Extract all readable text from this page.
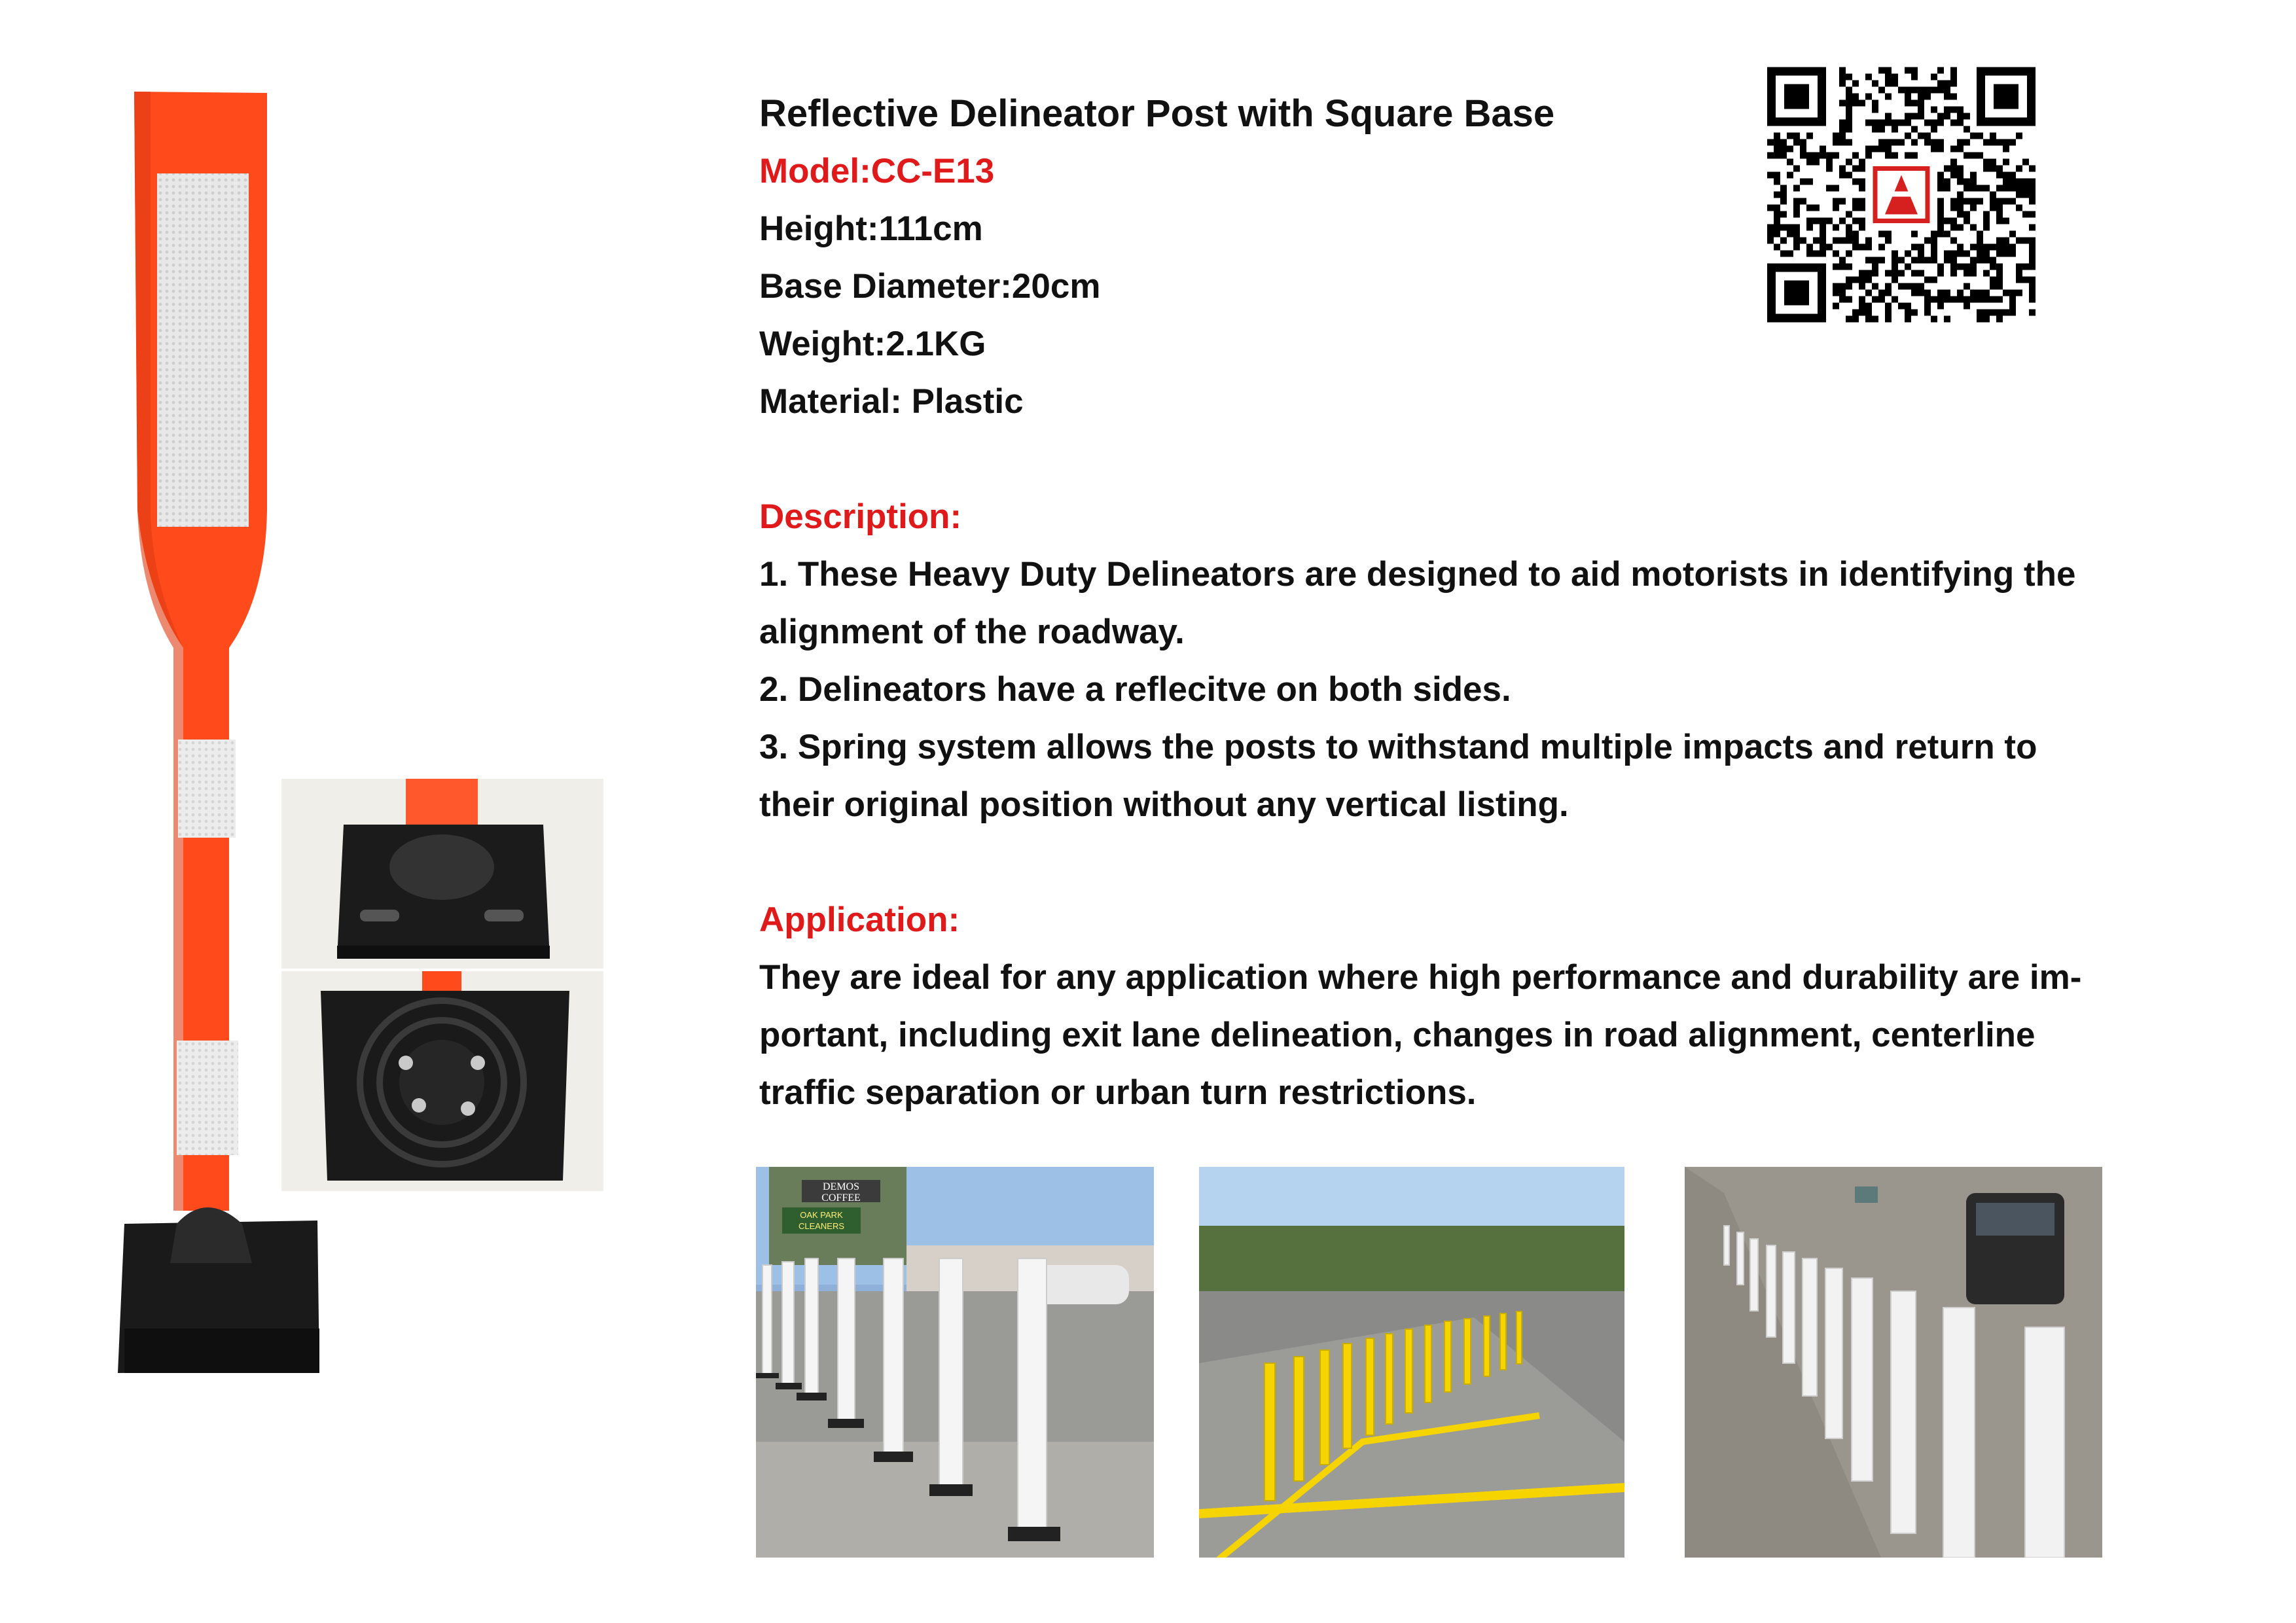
Reflective Delineator Post with Square Base
Model:CC-E13
Height:111cm
Base Diameter:20cm
Weight:2.1KG
Material: Plastic
Description:
1. These Heavy Duty Delineators are designed to aid motorists in identifying the
alignment of the roadway.
2. Delineators have a reflecitve on both sides.
3. Spring system allows the posts to withstand multiple impacts and return to
their original position without any vertical listing.
Application:
They are ideal for any application where high performance and durability are im-
portant, including exit lane delineation, changes in road alignment, centerline
traffic separation or urban turn restrictions.
DEMOS
COFFEE
OAK PARK
CLEANERS
